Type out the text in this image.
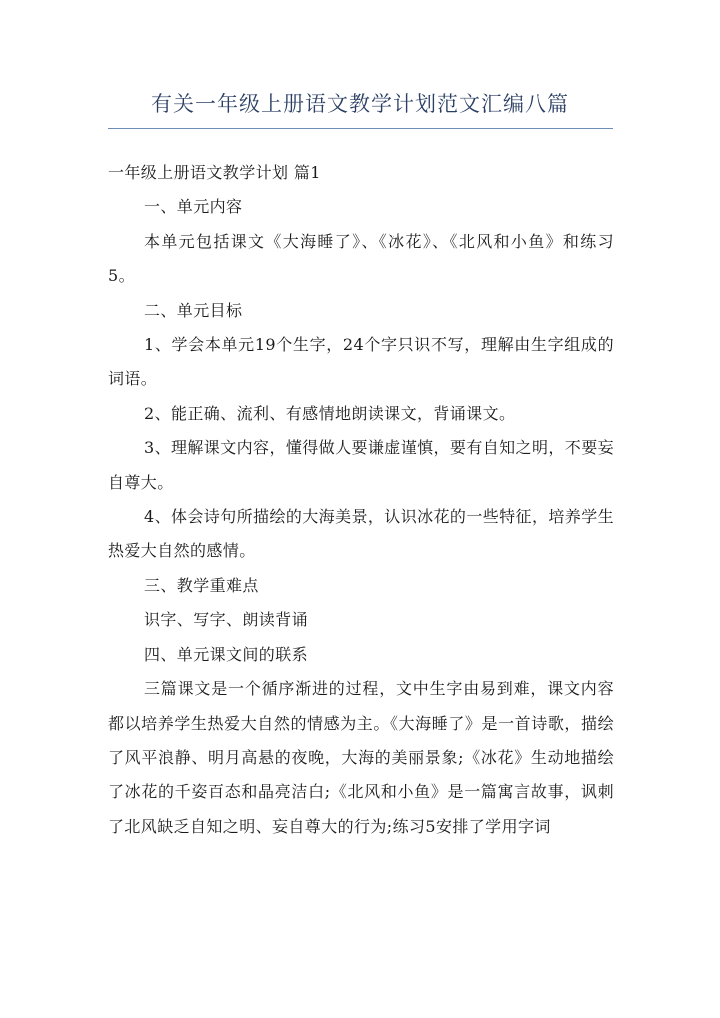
有关一年级上册语文教学计划范文汇编八篇

一年级上册语文教学计划 篇1

一、单元内容

本单元包括课文《大海睡了》、《冰花》、《北风和小鱼》和练习5。

二、单元目标

1、学会本单元19个生字，24个字只识不写，理解由生字组成的词语。

2、能正确、流利、有感情地朗读课文，背诵课文。

3、理解课文内容，懂得做人要谦虚谨慎，要有自知之明，不要妄自尊大。

4、体会诗句所描绘的大海美景，认识冰花的一些特征，培养学生热爱大自然的感情。

三、教学重难点

识字、写字、朗读背诵

四、单元课文间的联系

三篇课文是一个循序渐进的过程，文中生字由易到难，课文内容都以培养学生热爱大自然的情感为主。《大海睡了》是一首诗歌，描绘了风平浪静、明月高悬的夜晚，大海的美丽景象;《冰花》生动地描绘了冰花的千姿百态和晶亮洁白;《北风和小鱼》是一篇寓言故事，讽刺了北风缺乏自知之明、妄自尊大的行为;练习5安排了学用字词
